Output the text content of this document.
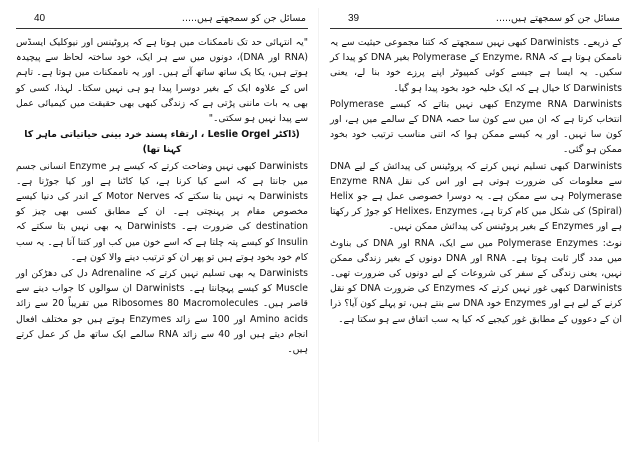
مسائل جن کو سمجھتے ہیں.....
40

"یہ انتہائی حد تک ناممکنات میں ہوتا ہے کہ پروٹینس اور نیوکلیک ایسڈس (RNA اور DNA)، دونوں میں سے ہر ایک، خود ساختہ لحاظ سے پیچیدہ ہوتے ہیں، یکا یک ساتھ ساتھ آئے ہیں۔ اور یہ ناممکنات میں ہوتا ہے۔ تاہم اس کے علاوہ ایک کے بغیر دوسرا پیدا ہو ہی نہیں سکتا۔ لہذا، کسی کو بھی یہ بات ماننی پڑتی ہے کہ زندگی کبھی بھی حقیقت میں کیمیائی عمل سے پیدا نہیں ہو سکتی۔"

(ڈاکٹر Leslie Orgel ، ارتقاء پسند خرد بینی حیاتیاتی ماہر کا کہنا تھا)

Darwinists کبھی نہیں وضاحت کرتے کہ کیسے ہر Enzyme انسانی جسم میں جانتا ہے کہ اسے کیا کرنا ہے، کیا کاٹنا ہے اور کیا جوڑنا ہے۔ Darwinists یہ نہیں بتا سکتے کہ Motor Nerves کے اندر کی دنیا کیسے مخصوص مقام پر پہنچتی ہے۔ ان کے مطابق کسی بھی چیز کو destination کی ضرورت ہے۔ Darwinists یہ بھی نہیں بتا سکتے کہ Insulin کو کیسے پتہ چلتا ہے کہ اسے خون میں کب اور کتنا آنا ہے۔ یہ سب کام خود بخود ہوتے ہیں تو پھر ان کو ترتیب دینے والا کون ہے۔

Darwinists یہ بھی تسلیم نہیں کرتے کہ Adrenaline دل کی دھڑکن اور Muscle کو کیسے پہچانتا ہے۔ Darwinists ان سوالوں کا جواب دینے سے قاصر ہیں۔ Ribosomes 80 Macromolecules میں تقریباً 20 سے زائد Amino acids اور 100 سے زائد Enzymes ہوتے ہیں جو مختلف افعال انجام دیتے ہیں اور 40 سے زائد RNA سالمے ایک ساتھ مل کر عمل کرتے ہیں۔

مسائل جن کو سمجھتے ہیں.....
39

کے ذریعے۔ Darwinists کبھی نہیں سمجھتے کہ کتنا مجموعی حیثیت سے یہ ناممکن ہوتا ہے کہ Enzyme، RNA کے Polymerase بغیر DNA کو پیدا کر سکیں۔ یہ ایسا ہے جیسے کوئی کمپیوٹر اپنے پرزے خود بنا لے، یعنی Darwinists کا خیال ہے کہ ایک خلیہ خود بخود پیدا ہو گیا۔

Enzyme RNA Darwinists کبھی نہیں بتاتے کہ کیسے Polymerase انتخاب کرتا ہے کہ ان میں سے کون سا حصہ DNA کے سالمے میں ہے، اور کون سا نہیں۔ اور یہ کیسے ممکن ہوا کہ اتنی مناسب ترتیب خود بخود ممکن ہو گئی۔

Darwinists کبھی تسلیم نہیں کرتے کہ پروٹینس کی پیدائش کے لیے DNA سے معلومات کی ضرورت ہوتی ہے اور اس کی نقل Enzyme RNA Polymerase ہی سے ممکن ہے۔ یہ دوسرا خصوصی عمل ہے جو Helix (Spiral) کی شکل میں کام کرتا ہے، Helixes، Enzymes کو جوڑ کر رکھتا ہے اور Enzymes کے بغیر پروٹینس کی پیدائش ممکن نہیں۔

نوٹ: Polymerase Enzymes میں سے ایک، RNA اور DNA کی بناوٹ میں مدد گار ثابت ہوتا ہے۔ RNA اور DNA دونوں کے بغیر زندگی ممکن نہیں، یعنی زندگی کے سفر کی شروعات کے لیے دونوں کی ضرورت تھی۔ Darwinists کبھی غور نہیں کرتے کہ Enzymes کی ضرورت DNA کو نقل کرنے کے لیے ہے اور Enzymes خود DNA سے بنتے ہیں، تو پہلے کون آیا؟ ذرا ان کے دعووں کے مطابق غور کیجیے کہ کیا یہ سب اتفاق سے ہو سکتا ہے۔
